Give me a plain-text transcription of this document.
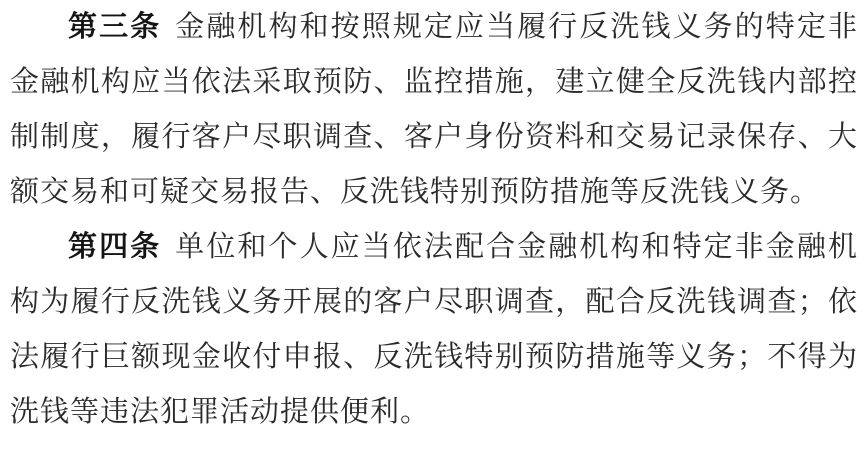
第三条 金融机构和按照规定应当履行反洗钱义务的特定非金融机构应当依法采取预防、监控措施，建立健全反洗钱内部控制制度，履行客户尽职调查、客户身份资料和交易记录保存、大额交易和可疑交易报告、反洗钱特别预防措施等反洗钱义务。

第四条 单位和个人应当依法配合金融机构和特定非金融机构为履行反洗钱义务开展的客户尽职调查，配合反洗钱调查；依法履行巨额现金收付申报、反洗钱特别预防措施等义务；不得为洗钱等违法犯罪活动提供便利。
